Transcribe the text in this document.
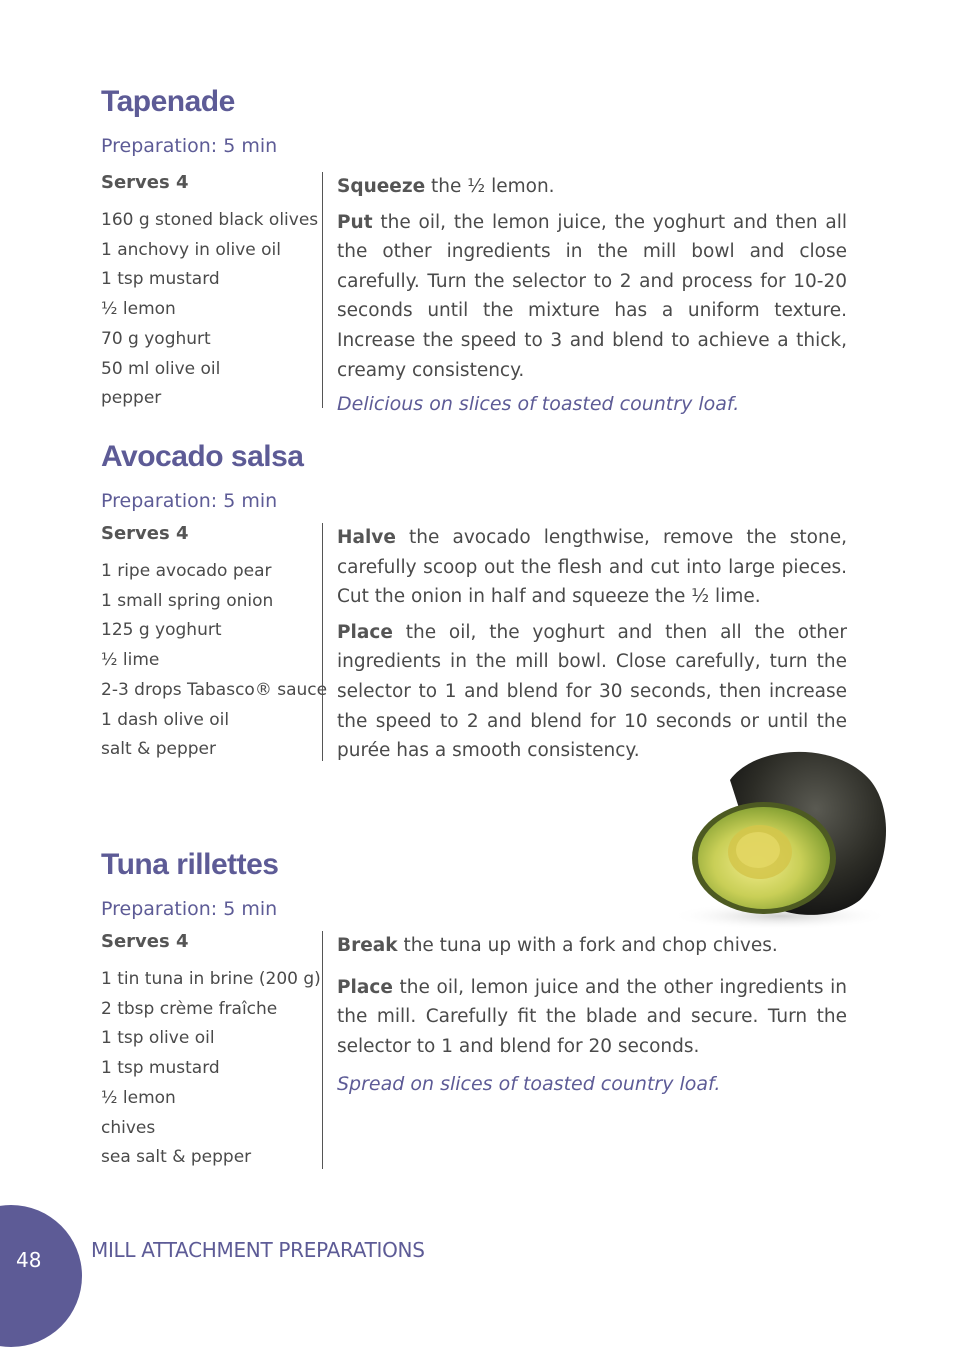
Tapenade
Preparation: 5 min
Serves 4
160 g stoned black olives
1 anchovy in olive oil
1 tsp mustard
½ lemon
70 g yoghurt
50 ml olive oil
pepper

Squeeze the ½ lemon.

Put the oil, the lemon juice, the yoghurt and then all the other ingredients in the mill bowl and close carefully. Turn the selector to 2 and process for 10-20 seconds until the mixture has a uniform texture. Increase the speed to 3 and blend to achieve a thick, creamy consistency.

Delicious on slices of toasted country loaf.
Avocado salsa
Preparation: 5 min
Serves 4
1 ripe avocado pear
1 small spring onion
125 g yoghurt
½ lime
2-3 drops Tabasco® sauce
1 dash olive oil
salt & pepper

Halve the avocado lengthwise, remove the stone, carefully scoop out the flesh and cut into large pieces. Cut the onion in half and squeeze the ½ lime.

Place the oil, the yoghurt and then all the other ingredients in the mill bowl. Close carefully, turn the selector to 1 and blend for 30 seconds, then increase the speed to 2 and blend for 10 seconds or until the purée has a smooth consistency.

Tuna rillettes
Preparation: 5 min
Serves 4
1 tin tuna in brine (200 g)
2 tbsp crème fraîche
1 tsp olive oil
1 tsp mustard
½ lemon
chives
sea salt & pepper

Break the tuna up with a fork and chop chives.

Place the oil, lemon juice and the other ingredients in the mill. Carefully fit the blade and secure. Turn the selector to 1 and blend for 20 seconds.

Spread on slices of toasted country loaf.
48 MILL ATTACHMENT PREPARATIONS
